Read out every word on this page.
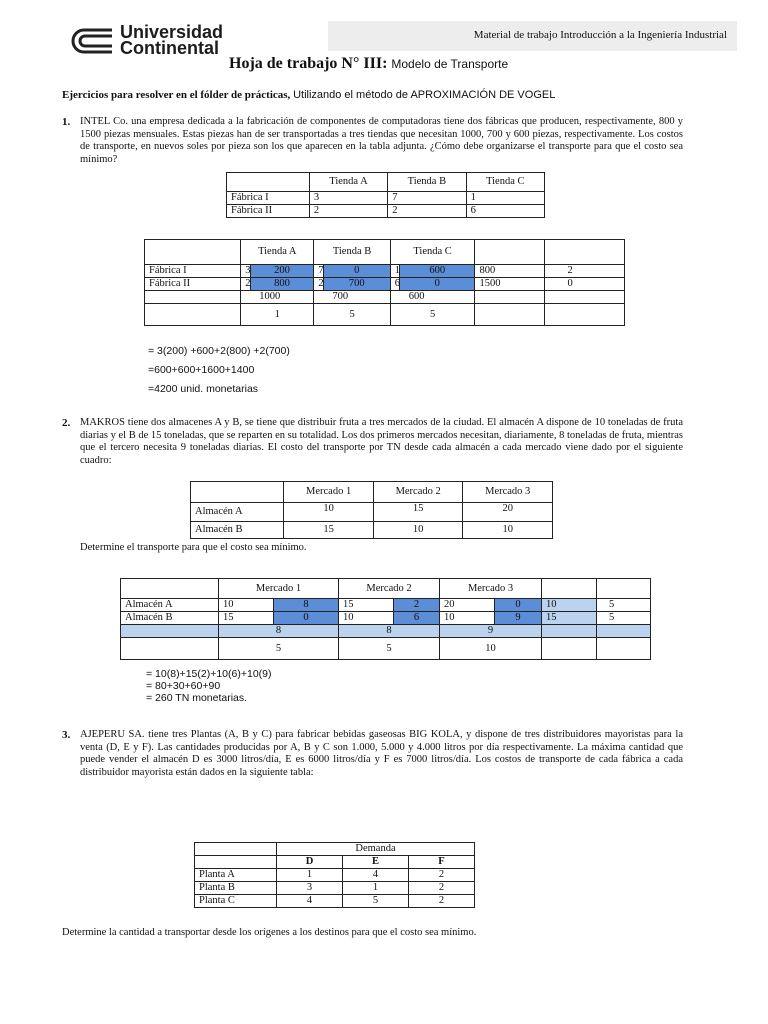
Universidad
Continental
Material de trabajo Introducción a la Ingeniería Industrial
Hoja de trabajo N° III: Modelo de Transporte
Ejercicios para resolver en el fólder de prácticas, Utilizando el método de APROXIMACIÓN DE VOGEL
1. INTEL Co. una empresa dedicada a la fabricación de componentes de computadoras tiene dos fábricas que producen, respectivamente, 800 y 1500 piezas mensuales. Estas piezas han de ser transportadas a tres tiendas que necesitan 1000, 700 y 600 piezas, respectivamente. Los costos de transporte, en nuevos soles por pieza son los que aparecen en la tabla adjunta. ¿Cómo debe organizarse el transporte para que el costo sea mínimo?

	Tienda A	Tienda B	Tienda C
Fábrica I	3	7	1
Fábrica II	2	2	6
	Tienda A		Tienda B		Tienda C			
Fábrica I	3	200	7	0	1	600	800	2
Fábrica II	2	800	2	700	6	0	1500	0
	1000		700		600			
	1		5		5			
= 3(200) +600+2(800) +2(700)
=600+600+1600+1400
=4200 unid. monetarias
2. MAKROS tiene dos almacenes A y B, se tiene que distribuir fruta a tres mercados de la ciudad. El almacén A dispone de 10 toneladas de fruta diarias y el B de 15 toneladas, que se reparten en su totalidad. Los dos primeros mercados necesitan, diariamente, 8 toneladas de fruta, mientras que el tercero necesita 9 toneladas diarias. El costo del transporte por TN desde cada almacén a cada mercado viene dado por el siguiente cuadro:

	Mercado 1	Mercado 2	Mercado 3
Almacén A	10	15	20
Almacén B	15	10	10
Determine el transporte para que el costo sea mínimo.
	Mercado 1		Mercado 2		Mercado 3			
Almacén A	10	8	15	2	20	0	10	5
Almacén B	15	0	10	6	10	9	15	5
	8		8		9			
	5		5		10			
= 10(8)+15(2)+10(6)+10(9)
= 80+30+60+90
= 260 TN monetarias.
3. AJEPERU SA. tiene tres Plantas (A, B y C) para fabricar bebidas gaseosas BIG KOLA, y dispone de tres distribuidores mayoristas para la venta (D, E y F). Las cantidades producidas por A, B y C son 1.000, 5.000 y 4.000 litros por día respectivamente. La máxima cantidad que puede vender el almacén D es 3000 litros/día, E es 6000 litros/día y F es 7000 litros/día. Los costos de transporte de cada fábrica a cada distribuidor mayorista están dados en la siguiente tabla:

	Demanda		
	D	E	F
Planta A	1	4	2
Planta B	3	1	2
Planta C	4	5	2
Determine la cantidad a transportar desde los orígenes a los destinos para que el costo sea mínimo.
